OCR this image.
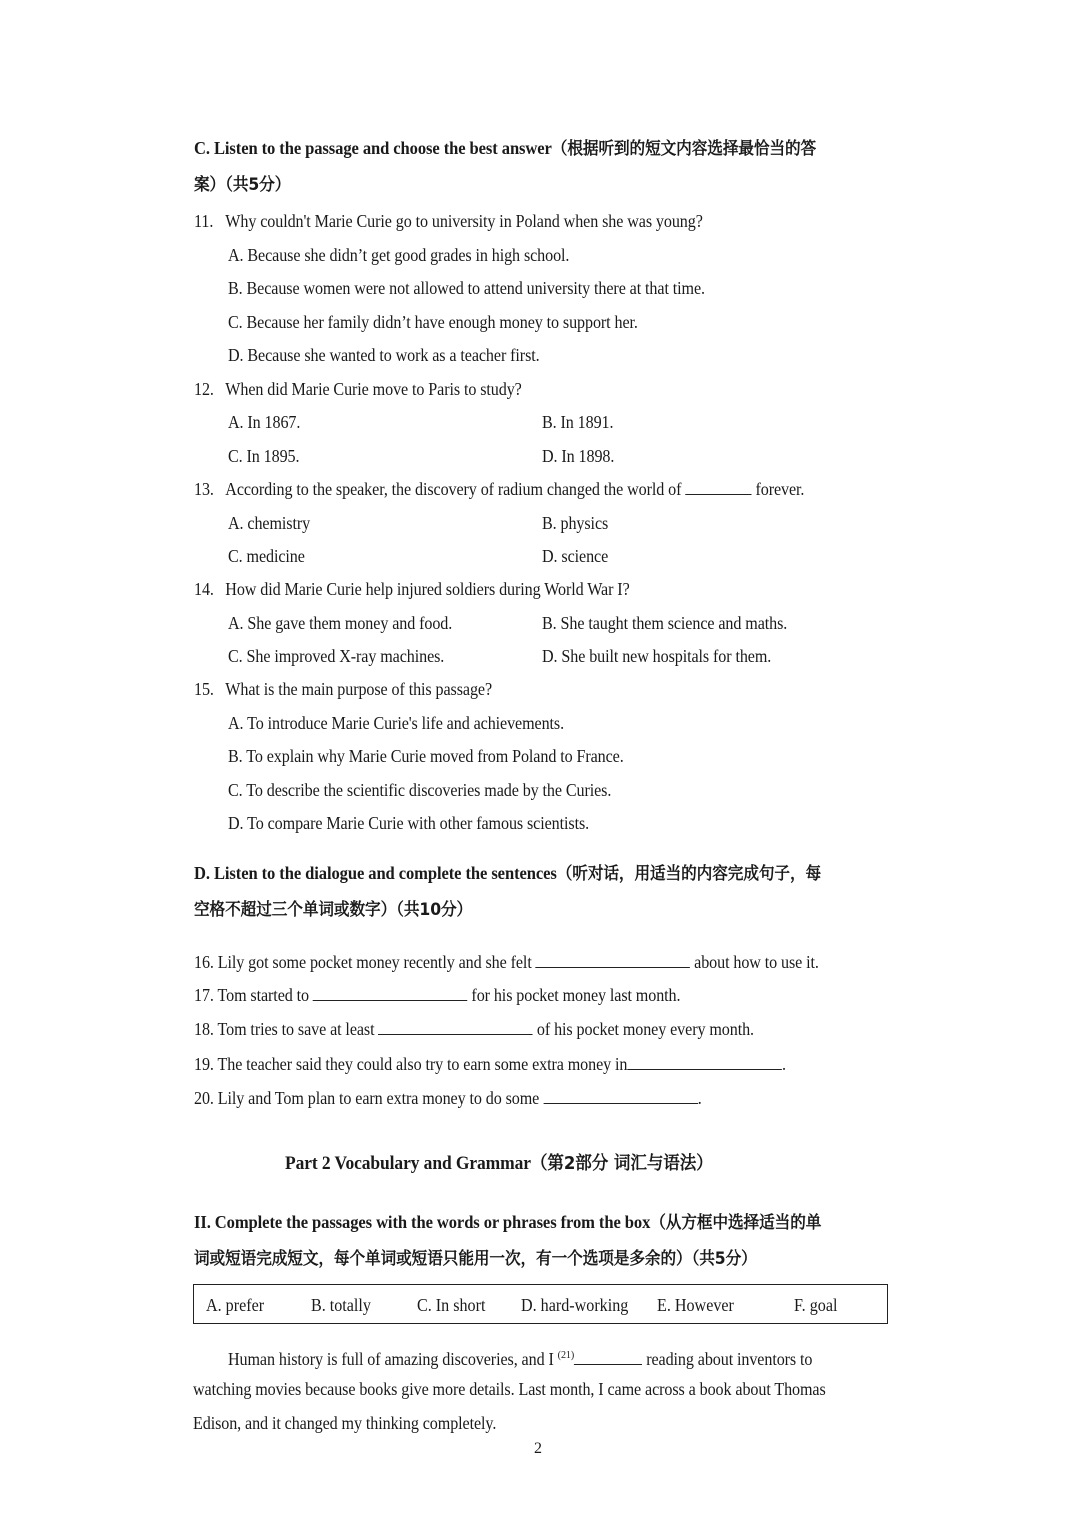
C. Listen to the passage and choose the best answer（根据听到的短文内容选择最恰当的答
案）（共5分）
11. Why couldn't Marie Curie go to university in Poland when she was young?
A. Because she didn’t get good grades in high school.
B. Because women were not allowed to attend university there at that time.
C. Because her family didn’t have enough money to support her.
D. Because she wanted to work as a teacher first.
12. When did Marie Curie move to Paris to study?
A. In 1867.	B. In 1891.
C. In 1895.	D. In 1898.
13. According to the speaker, the discovery of radium changed the world of	forever.
A. chemistry	B. physics
C. medicine	D. science
14. How did Marie Curie help injured soldiers during World War I?
A. She gave them money and food.	B. She taught them science and maths.
C. She improved X-ray machines.	D. She built new hospitals for them.
15. What is the main purpose of this passage?
A. To introduce Marie Curie's life and achievements.
B. To explain why Marie Curie moved from Poland to France.
C. To describe the scientific discoveries made by the Curies.
D. To compare Marie Curie with other famous scientists.
D. Listen to the dialogue and complete the sentences（听对话，用适当的内容完成句子，每
空格不超过三个单词或数字）（共10分）
16. Lily got some pocket money recently and she felt	about how to use it.
17. Tom started to	for his pocket money last month.
18. Tom tries to save at least	of his pocket money every month.
19. The teacher said they could also try to earn some extra money in	.
20. Lily and Tom plan to earn extra money to do some	.
Part 2 Vocabulary and Grammar（第2部分 词汇与语法）
II. Complete the passages with the words or phrases from the box（从方框中选择适当的单
词或短语完成短文，每个单词或短语只能用一次，有一个选项是多余的）（共5分）
A. prefer	B. totally	C. In short D. hard-working E. However	F. goal
Human history is full of amazing discoveries, and I $^{(21)}$	reading about inventors to
watching movies because books give more details. Last month, I came across a book about Thomas
Edison, and it changed my thinking completely.
2
